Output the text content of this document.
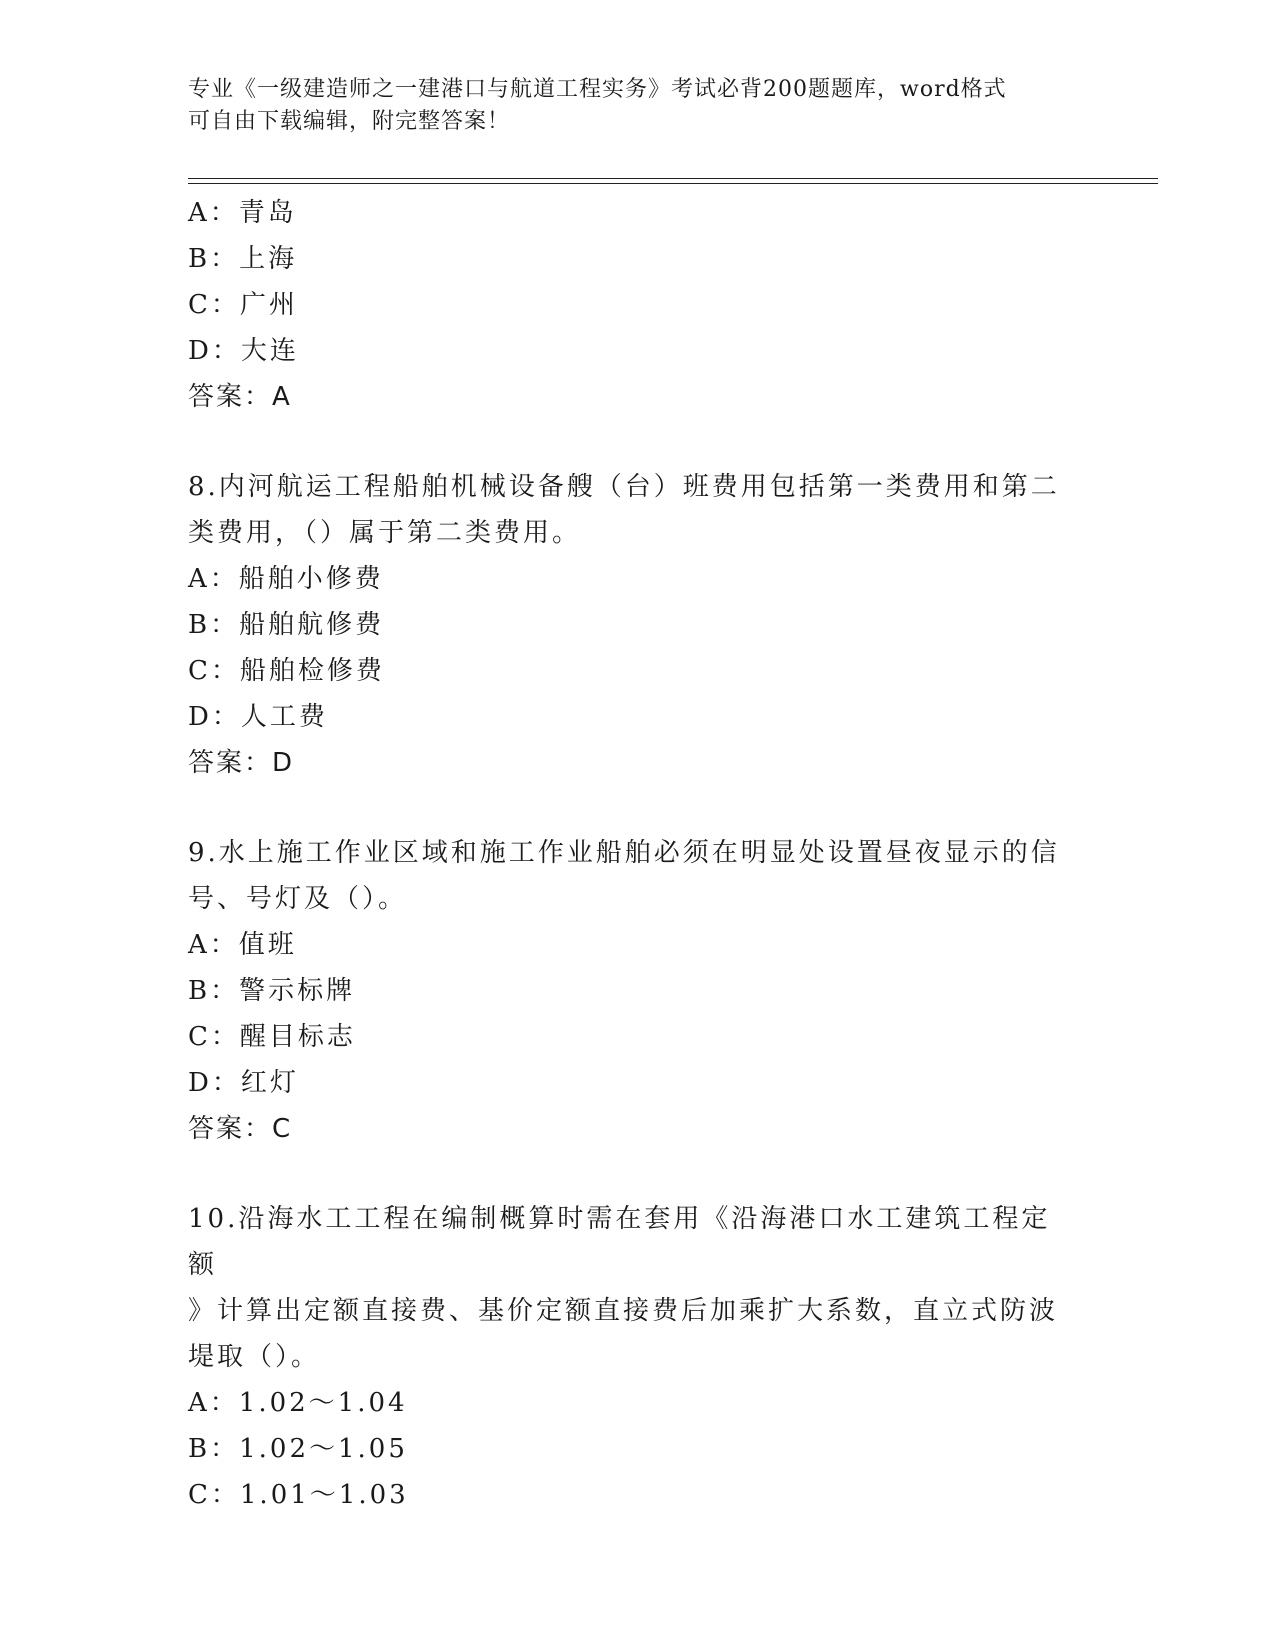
专业《一级建造师之一建港口与航道工程实务》考试必背200题题库，word格式
可自由下载编辑，附完整答案！
A：青岛
B：上海
C：广州
D：大连
答案：A
8.内河航运工程船舶机械设备艘（台）班费用包括第一类费用和第二
类费用，（）属于第二类费用。
A：船舶小修费
B：船舶航修费
C：船舶检修费
D：人工费
答案：D
9.水上施工作业区域和施工作业船舶必须在明显处设置昼夜显示的信
号、号灯及（）。
A：值班
B：警示标牌
C：醒目标志
D：红灯
答案：C
10.沿海水工工程在编制概算时需在套用《沿海港口水工建筑工程定额
》计算出定额直接费、基价定额直接费后加乘扩大系数，直立式防波
堤取（）。
A：1.02～1.04
B：1.02～1.05
C：1.01～1.03
